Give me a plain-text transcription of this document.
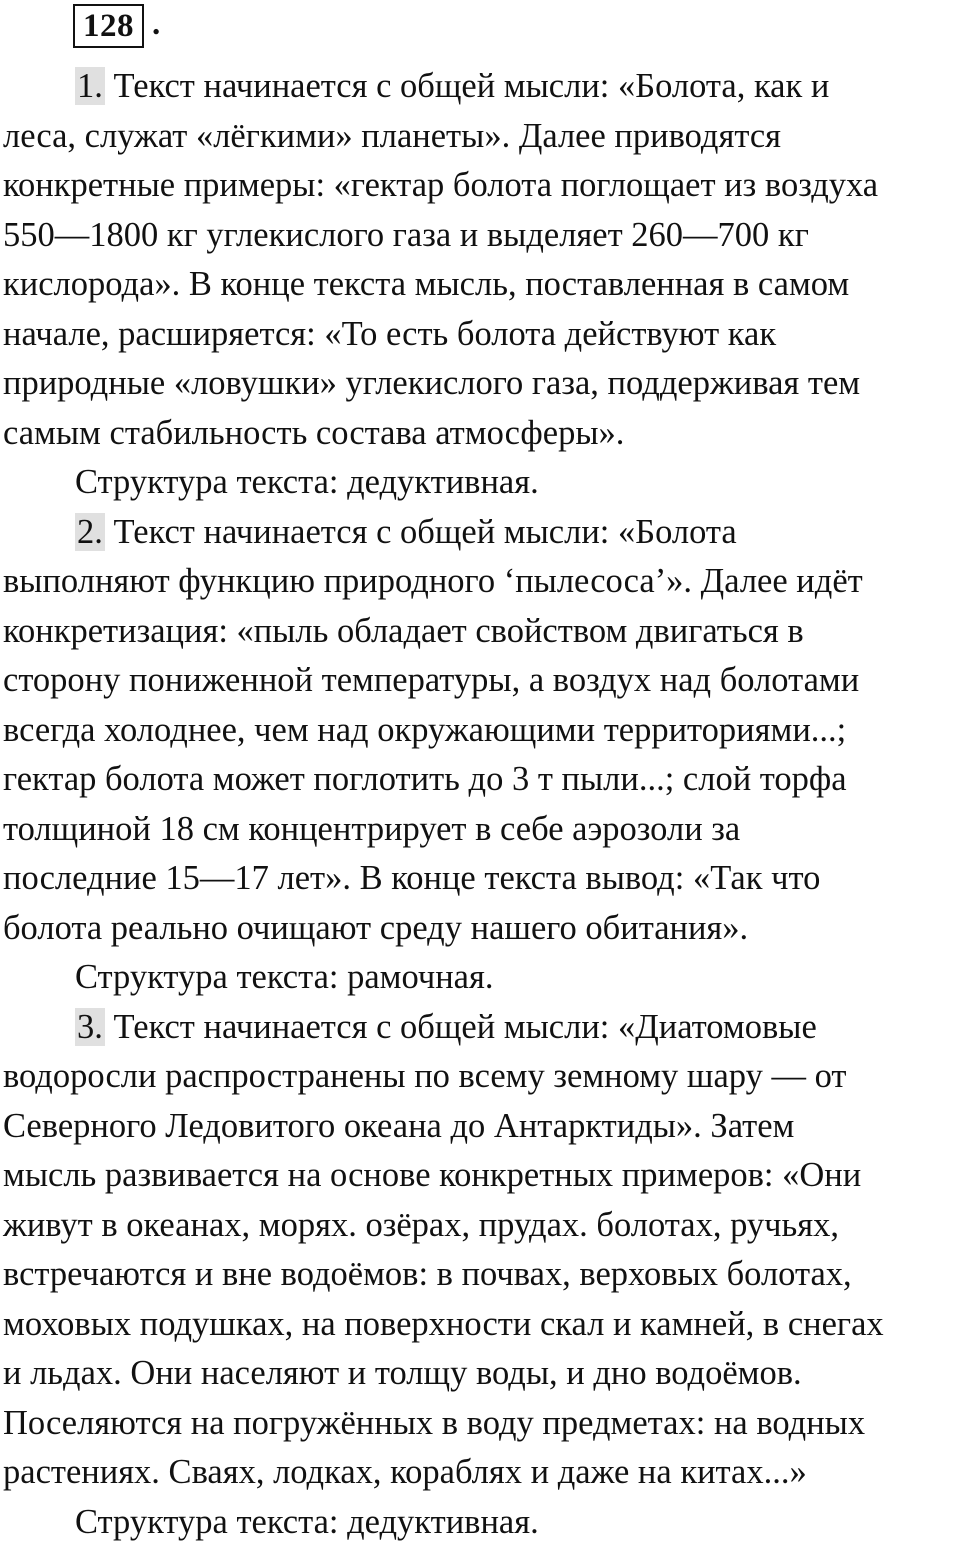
128 .
1. Текст начинается с общей мысли: «Болота, как и
леса, служат «лёгкими» планеты». Далее приводятся
конкретные примеры: «гектар болота поглощает из воздуха
550—1800 кг углекислого газа и выделяет 260—700 кг
кислорода». В конце текста мысль, поставленная в самом
начале, расширяется: «То есть болота действуют как
природные «ловушки» углекислого газа, поддерживая тем
самым стабильность состава атмосферы».
Структура текста: дедуктивная.
2. Текст начинается с общей мысли: «Болота
выполняют функцию природного ‘пылесоса’». Далее идёт
конкретизация: «пыль обладает свойством двигаться в
сторону пониженной температуры, а воздух над болотами
всегда холоднее, чем над окружающими территориями...;
гектар болота может поглотить до 3 т пыли...; слой торфа
толщиной 18 см концентрирует в себе аэрозоли за
последние 15—17 лет». В конце текста вывод: «Так что
болота реально очищают среду нашего обитания».
Структура текста: рамочная.
3. Текст начинается с общей мысли: «Диатомовые
водоросли распространены по всему земному шару — от
Северного Ледовитого океана до Антарктиды». Затем
мысль развивается на основе конкретных примеров: «Они
живут в океанах, морях. озёрах, прудах. болотах, ручьях,
встречаются и вне водоёмов: в почвах, верховых болотах,
моховых подушках, на поверхности скал и камней, в снегах
и льдах. Они населяют и толщу воды, и дно водоёмов.
Поселяются на погружённых в воду предметах: на водных
растениях. Сваях, лодках, кораблях и даже на китах...»
Структура текста: дедуктивная.
